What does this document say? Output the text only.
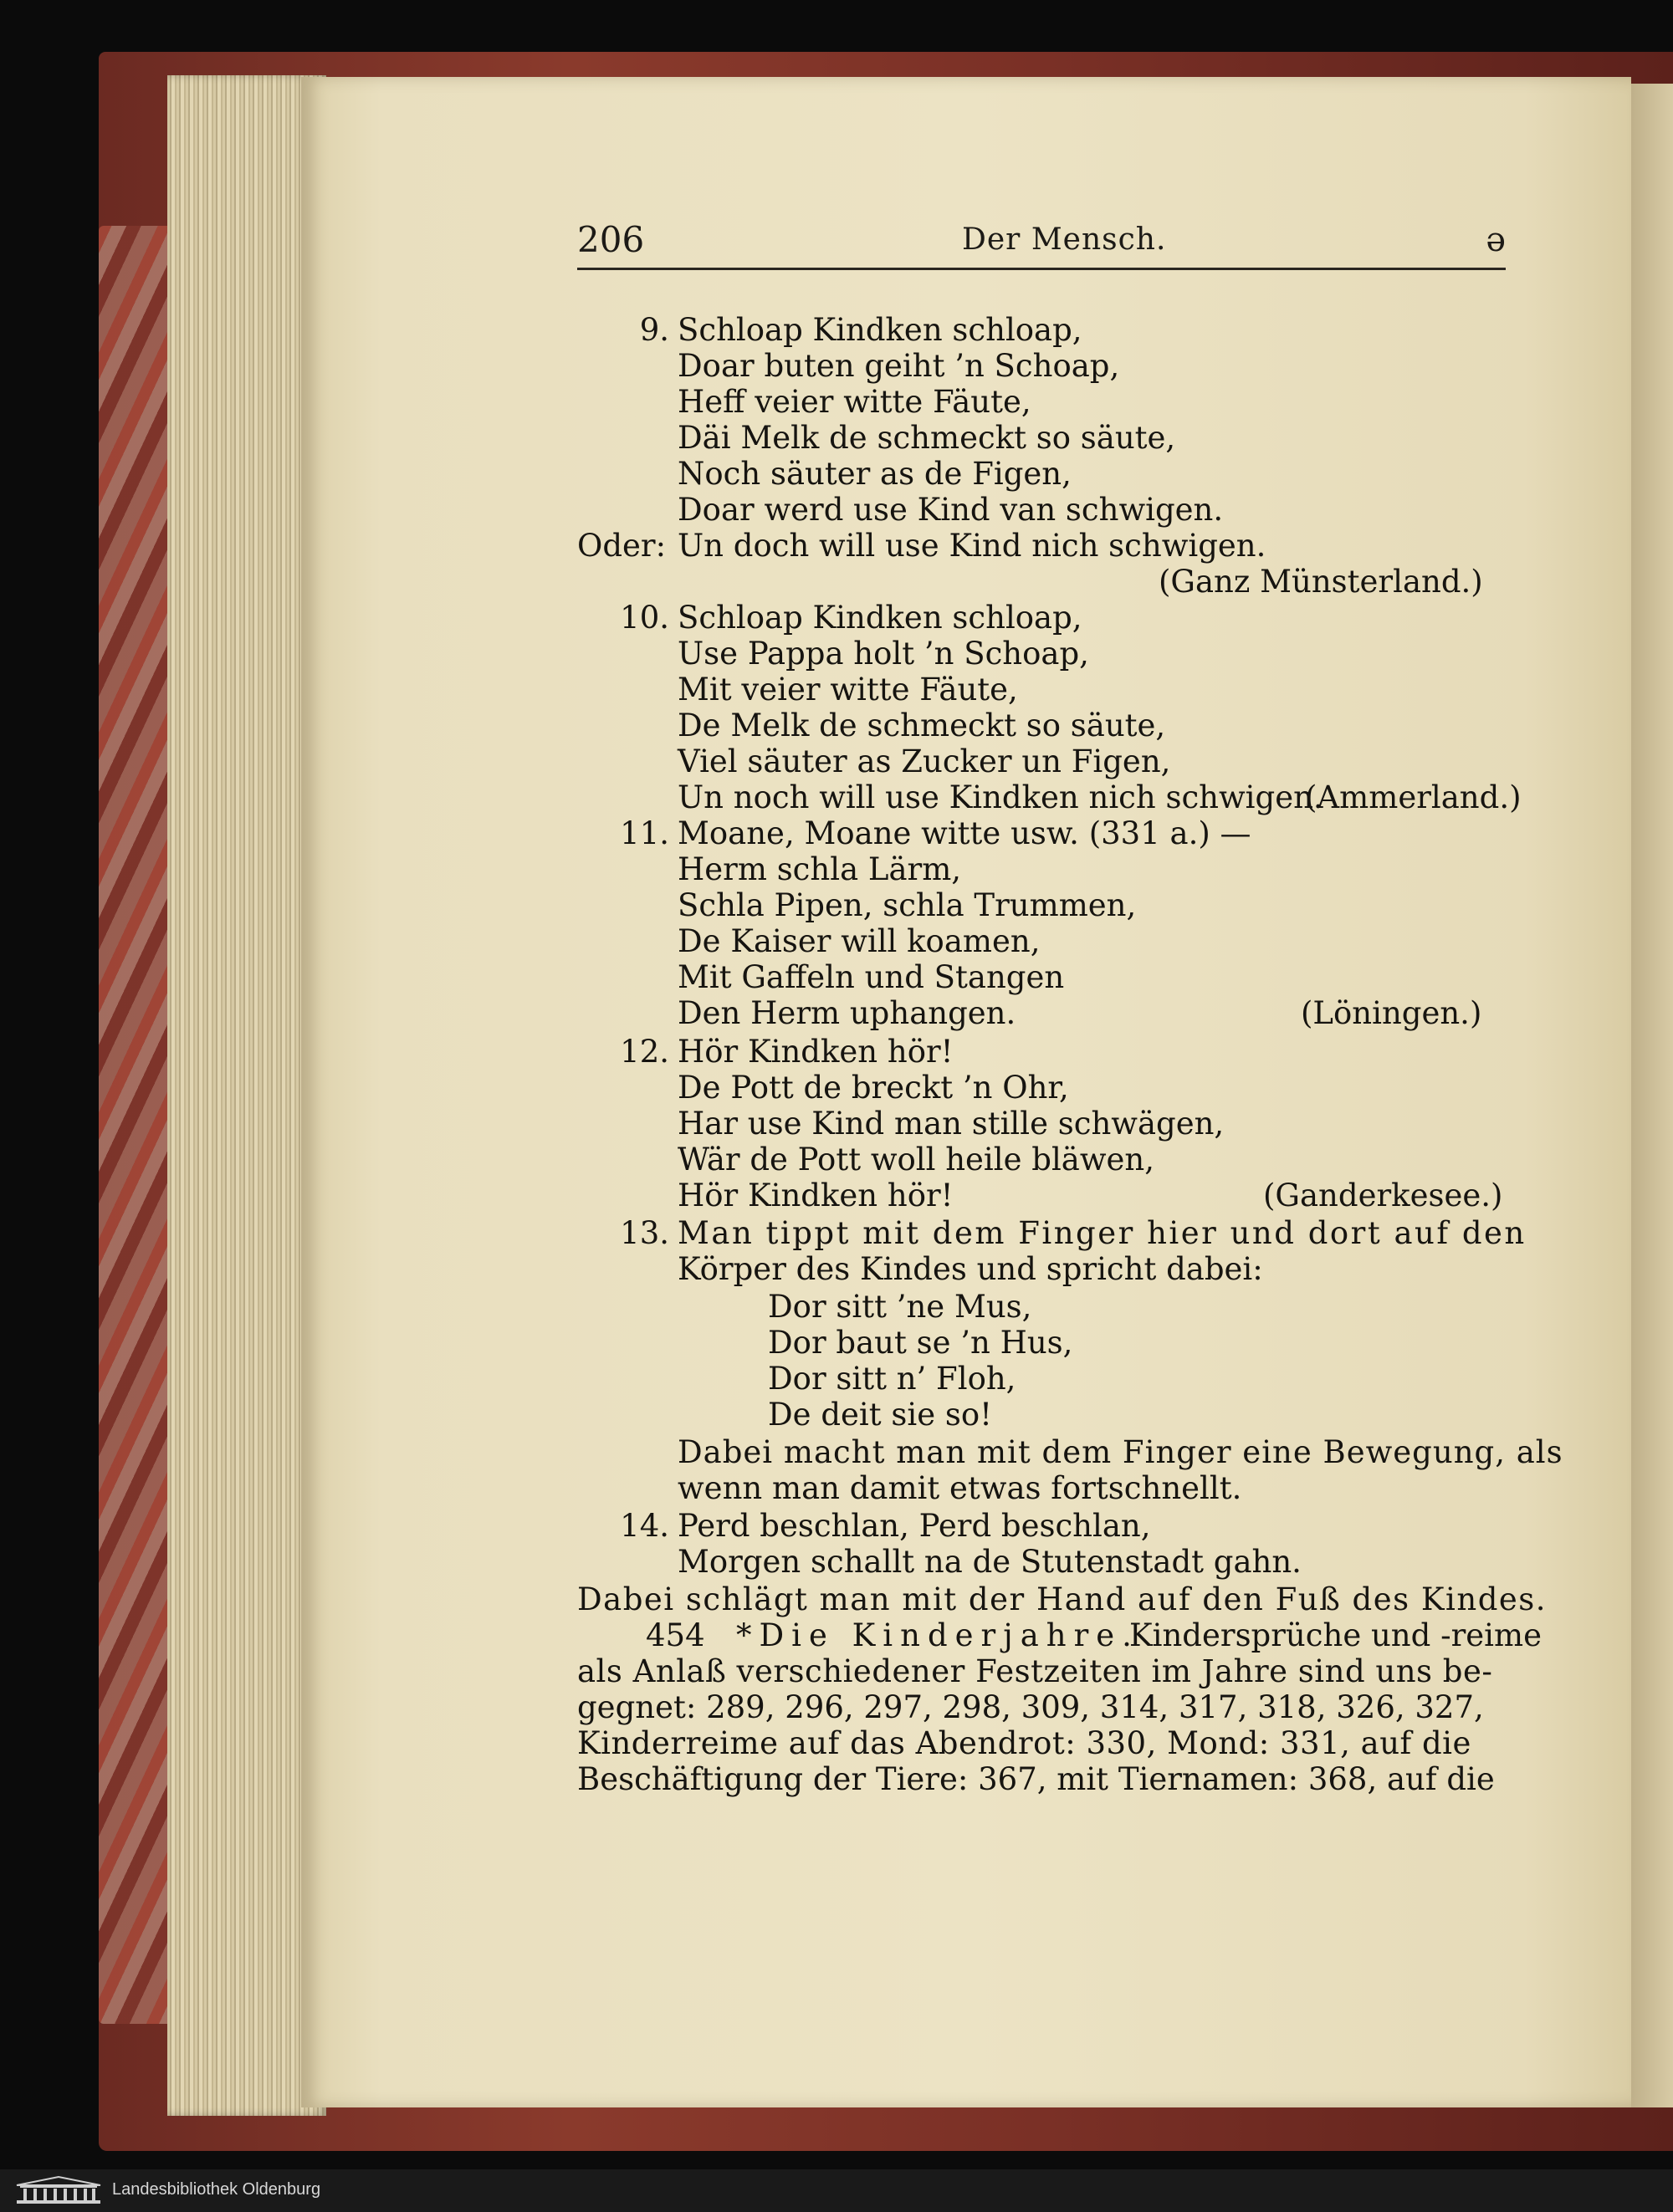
206	Der Mensch.	ǝ
9. Schloap Kindken schloap,
Doar buten geiht ’n Schoap,
Heff veier witte Fäute,
Däi Melk de schmeckt so säute,
Noch säuter as de Figen,
Doar werd use Kind van schwigen.
Oder: Un doch will use Kind nich schwigen.
(Ganz Münsterland.)
10. Schloap Kindken schloap,
Use Pappa holt ’n Schoap,
Mit veier witte Fäute,
De Melk de schmeckt so säute,
Viel säuter as Zucker un Figen,
Un noch will use Kindken nich schwigen.
(Ammerland.)
11. Moane, Moane witte usw. (331 a.) —
Herm schla Lärm,
Schla Pipen, schla Trummen,
De Kaiser will koamen,
Mit Gaffeln und Stangen
Den Herm uphangen.	(Löningen.)
12. Hör Kindken hör!
De Pott de breckt ’n Ohr,
Har use Kind man stille schwägen,
Wär de Pott woll heile bläwen,
Hör Kindken hör!	(Ganderkesee.)
13. Man tippt mit dem Finger hier und dort auf den
Körper des Kindes und spricht dabei:
Dor sitt ’ne Mus,
Dor baut se ’n Hus,
Dor sitt n’ Floh,
De deit sie so!
Dabei macht man mit dem Finger eine Bewegung, als
wenn man damit etwas fortschnellt.
14. Perd beschlan, Perd beschlan,
Morgen schallt na de Stutenstadt gahn.
Dabei schlägt man mit der Hand auf den Fuß des Kindes.
454 *Die Kinderjahre.
Kindersprüche und -reime
als Anlaß verschiedener Festzeiten im Jahre sind uns be-
gegnet: 289, 296, 297, 298, 309, 314, 317, 318, 326, 327,
Kinderreime auf das Abendrot: 330, Mond: 331, auf die
Beschäftigung der Tiere: 367, mit Tiernamen: 368, auf die
Landesbibliothek Oldenburg
